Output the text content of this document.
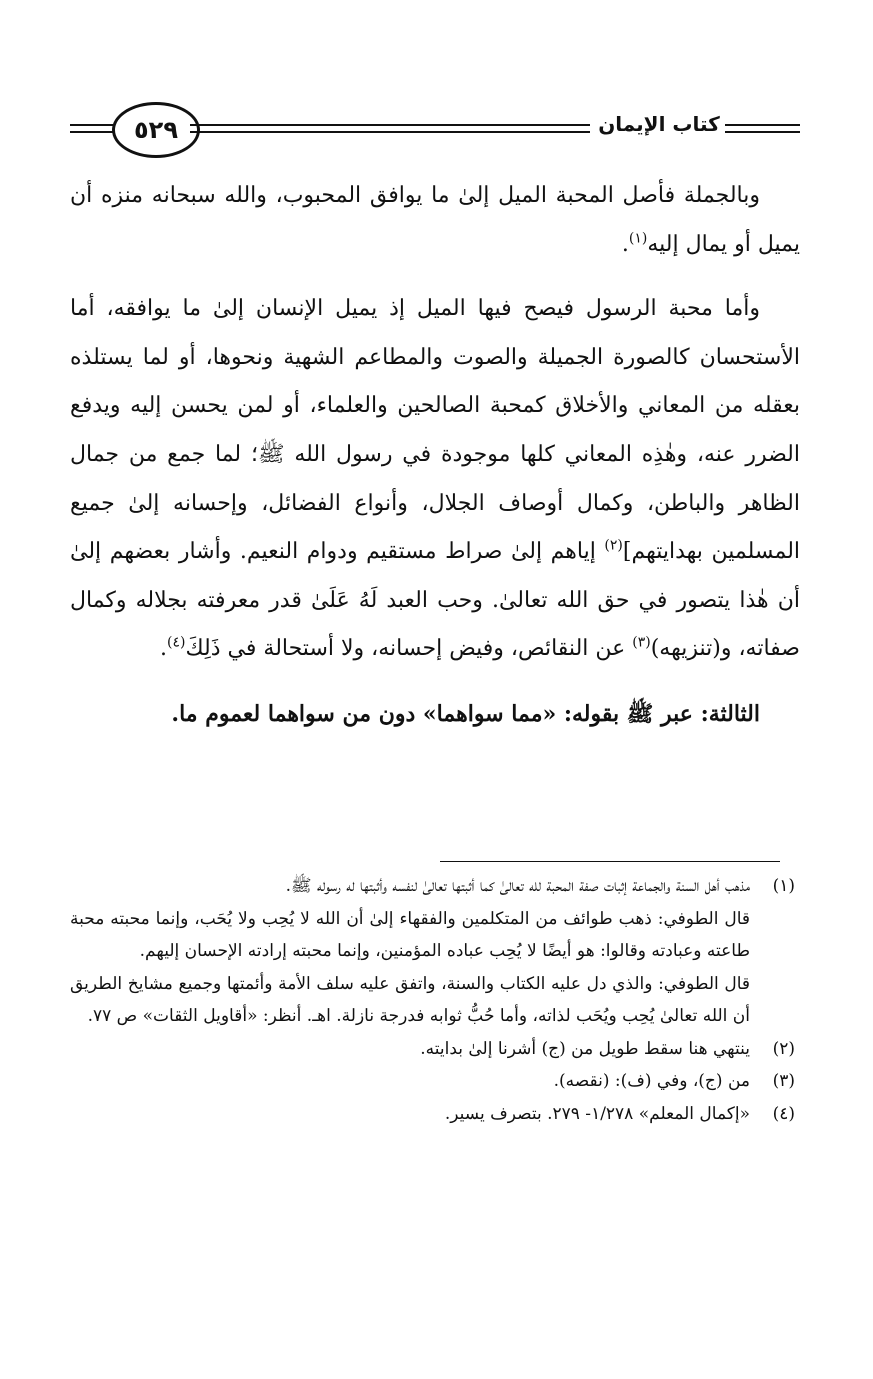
٥٢٩	كتاب الإيمان

وبالجملة فأصل المحبة الميل إلىٰ ما يوافق المحبوب، والله سبحانه منزه أن يميل أو يمال إليه$^{(١)}$.

وأما محبة الرسول فيصح فيها الميل إذ يميل الإنسان إلىٰ ما يوافقه، أما الأستحسان كالصورة الجميلة والصوت والمطاعم الشهية ونحوها، أو لما يستلذه بعقله من المعاني والأخلاق كمحبة الصالحين والعلماء، أو لمن يحسن إليه ويدفع الضرر عنه، وهٰذِه المعاني كلها موجودة في رسول الله ﷺ؛ لما جمع من جمال الظاهر والباطن، وكمال أوصاف الجلال، وأنواع الفضائل، وإحسانه إلىٰ جميع المسلمين بهدايتهم]$^{(٢)}$ إياهم إلىٰ صراط مستقيم ودوام النعيم. وأشار بعضهم إلىٰ أن هٰذا يتصور في حق الله تعالىٰ. وحب العبد لَهُ عَلَىٰ قدر معرفته بجلاله وكمال صفاته، و(تنزيهه)$^{(٣)}$ عن النقائص، وفيض إحسانه، ولا أستحالة في ذَلِكَ$^{(٤)}$.

الثالثة: عبر ﷺ بقوله: «مما سواهما» دون من سواهما لعموم ما.

(١)
مذهب أهل السنة والجماعة إثبات صفة المحبة لله تعالىٰ كما أثبتها تعالىٰ لنفسه وأثبتها له رسوله ﷺ.
قال الطوفي: ذهب طوائف من المتكلمين والفقهاء إلىٰ أن الله لا يُحِب ولا يُحَب، وإنما محبته محبة طاعته وعبادته وقالوا: هو أيضًا لا يُحِب عباده المؤمنين، وإنما محبته إرادته الإحسان إليهم.
قال الطوفي: والذي دل عليه الكتاب والسنة، واتفق عليه سلف الأمة وأئمتها وجميع مشايخ الطريق أن الله تعالىٰ يُحِب ويُحَب لذاته، وأما حُبُّ ثوابه فدرجة نازلة. اهـ. أنظر: «أقاويل الثقات» ص ٧٧.
(٢)
ينتهي هنا سقط طويل من (ج) أشرنا إلىٰ بدايته.
(٣)
من (ج)، وفي (ف): (نقصه).
(٤)
«إكمال المعلم» ١/٢٧٨- ٢٧٩. بتصرف يسير.
